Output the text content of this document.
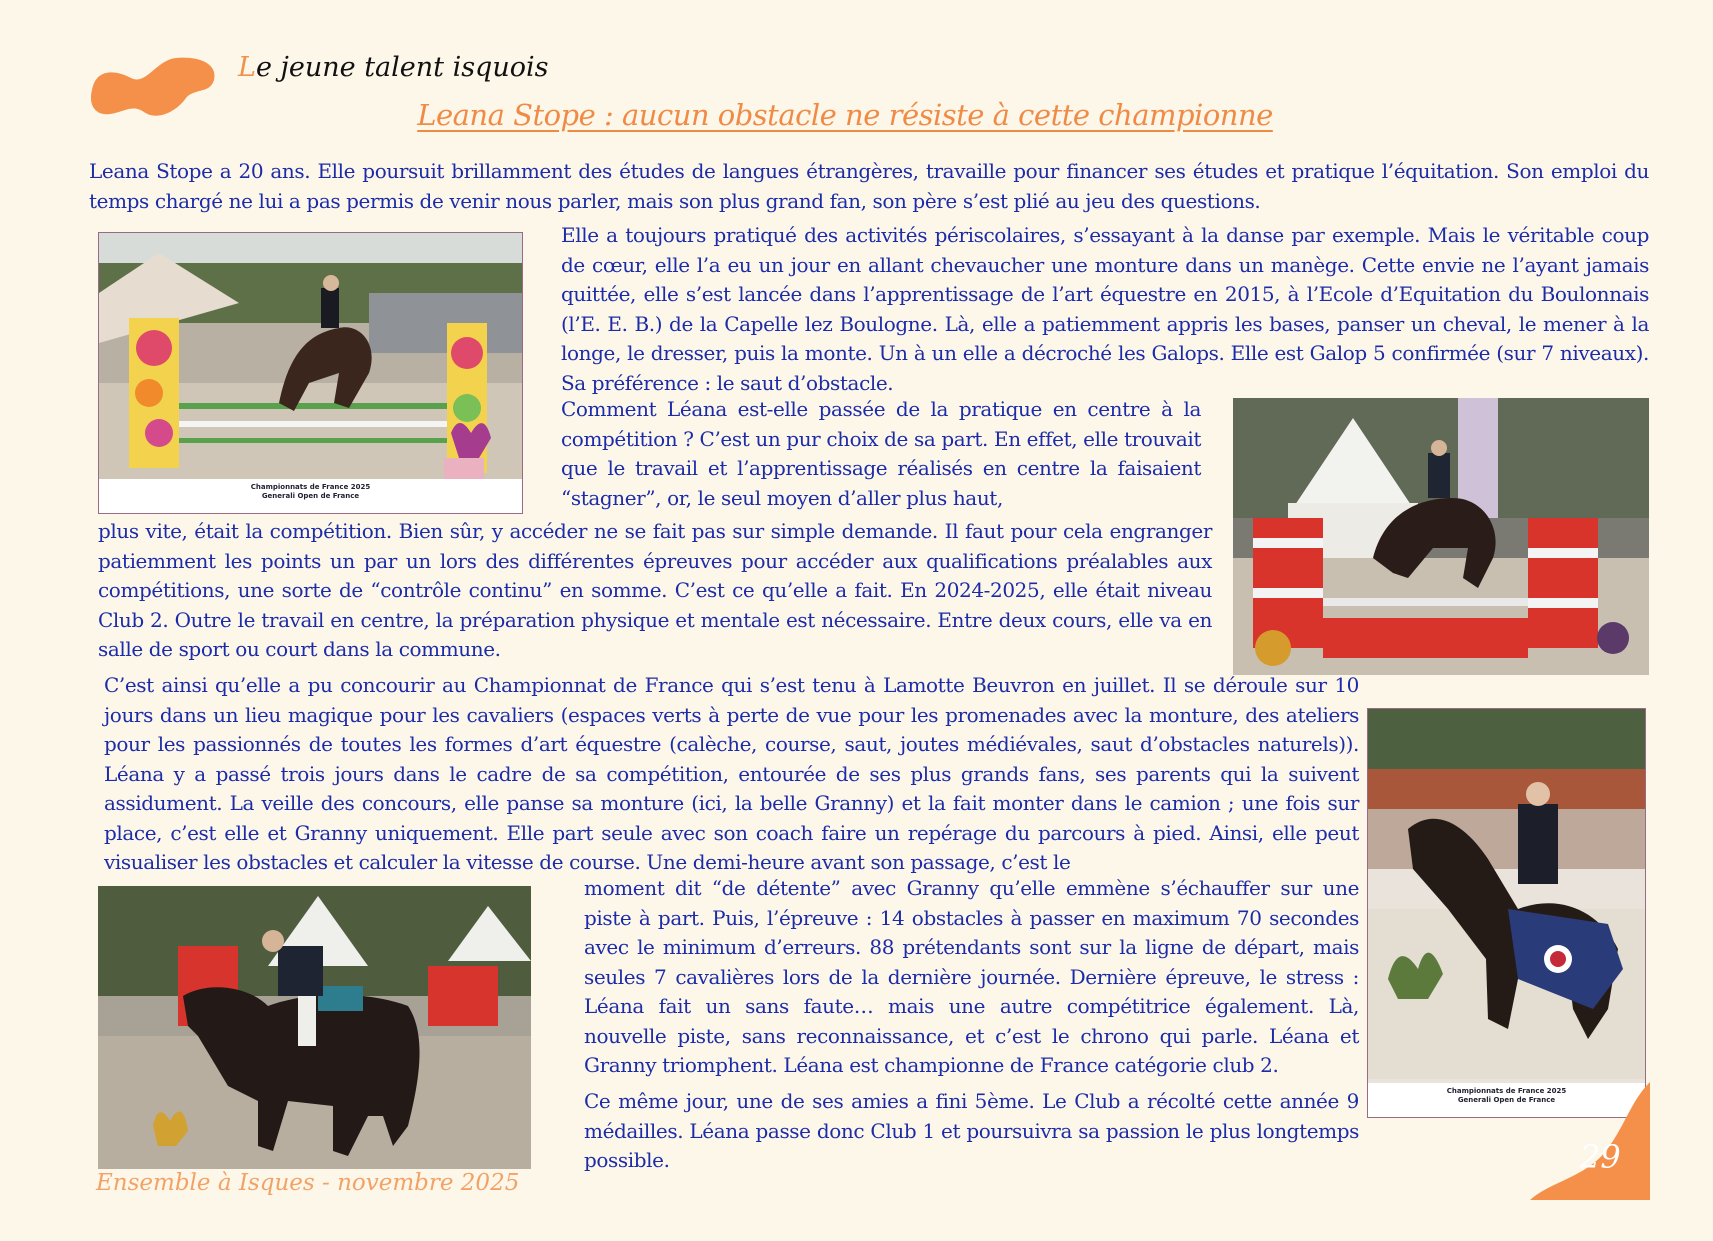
Le jeune talent isquois
Leana Stope : aucun obstacle ne résiste à cette championne

Leana Stope a 20 ans. Elle poursuit brillamment des études de langues étrangères, travaille pour financer ses études et pratique l’équitation. Son emploi du temps chargé ne lui a pas permis de venir nous parler, mais son plus grand fan, son père s’est plié au jeu des questions.

Championnats de France 2025
Generali Open de France

Elle a toujours pratiqué des activités périscolaires, s’essayant à la danse par exemple. Mais le véritable coup de cœur, elle l’a eu un jour en allant chevaucher une monture dans un manège. Cette envie ne l’ayant jamais quittée, elle s’est lancée dans l’apprentissage de l’art équestre en 2015, à l’Ecole d’Equitation du Boulonnais (l’E. E. B.) de la Capelle lez Boulogne. Là, elle a patiemment appris les bases, panser un cheval, le mener à la longe, le dresser, puis la monte. Un à un elle a décroché les Galops. Elle est Galop 5 confirmée (sur 7 niveaux). Sa préférence : le saut d’obstacle.

Comment Léana est-elle passée de la pratique en centre à la compétition ? C’est un pur choix de sa part. En effet, elle trouvait que le travail et l’apprentissage réalisés en centre la faisaient “stagner”, or, le seul moyen d’aller plus haut,

plus vite, était la compétition. Bien sûr, y accéder ne se fait pas sur simple demande. Il faut pour cela engranger patiemment les points un par un lors des différentes épreuves pour accéder aux qualifications préalables aux compétitions, une sorte de “contrôle continu” en somme. C’est ce qu’elle a fait. En 2024-2025, elle était niveau Club 2. Outre le travail en centre, la préparation physique et mentale est nécessaire. Entre deux cours, elle va en salle de sport ou court dans la commune.

C’est ainsi qu’elle a pu concourir au Championnat de France qui s’est tenu à Lamotte Beuvron en juillet. Il se déroule sur 10 jours dans un lieu magique pour les cavaliers (espaces verts à perte de vue pour les promenades avec la monture, des ateliers pour les passionnés de toutes les formes d’art équestre (calèche, course, saut, joutes médiévales, saut d’obstacles naturels)). Léana y a passé trois jours dans le cadre de sa compétition, entourée de ses plus grands fans, ses parents qui la suivent assidument. La veille des concours, elle panse sa monture (ici, la belle Granny) et la fait monter dans le camion ; une fois sur place, c’est elle et Granny uniquement. Elle part seule avec son coach faire un repérage du parcours à pied. Ainsi, elle peut visualiser les obstacles et calculer la vitesse de course. Une demi-heure avant son passage, c’est le

Championnats de France 2025
Generali Open de France

moment dit “de détente” avec Granny qu’elle emmène s’échauffer sur une piste à part. Puis, l’épreuve : 14 obstacles à passer en maximum 70 secondes avec le minimum d’erreurs. 88 prétendants sont sur la ligne de départ, mais seules 7 cavalières lors de la dernière journée. Dernière épreuve, le stress : Léana fait un sans faute… mais une autre compétitrice également. Là, nouvelle piste, sans reconnaissance, et c’est le chrono qui parle. Léana et Granny triomphent. Léana est championne de France catégorie club 2.

Ce même jour, une de ses amies a fini 5ème. Le Club a récolté cette année 9 médailles. Léana passe donc Club 1 et poursuivra sa passion le plus longtemps possible.

Ensemble à Isques - novembre 2025
29
